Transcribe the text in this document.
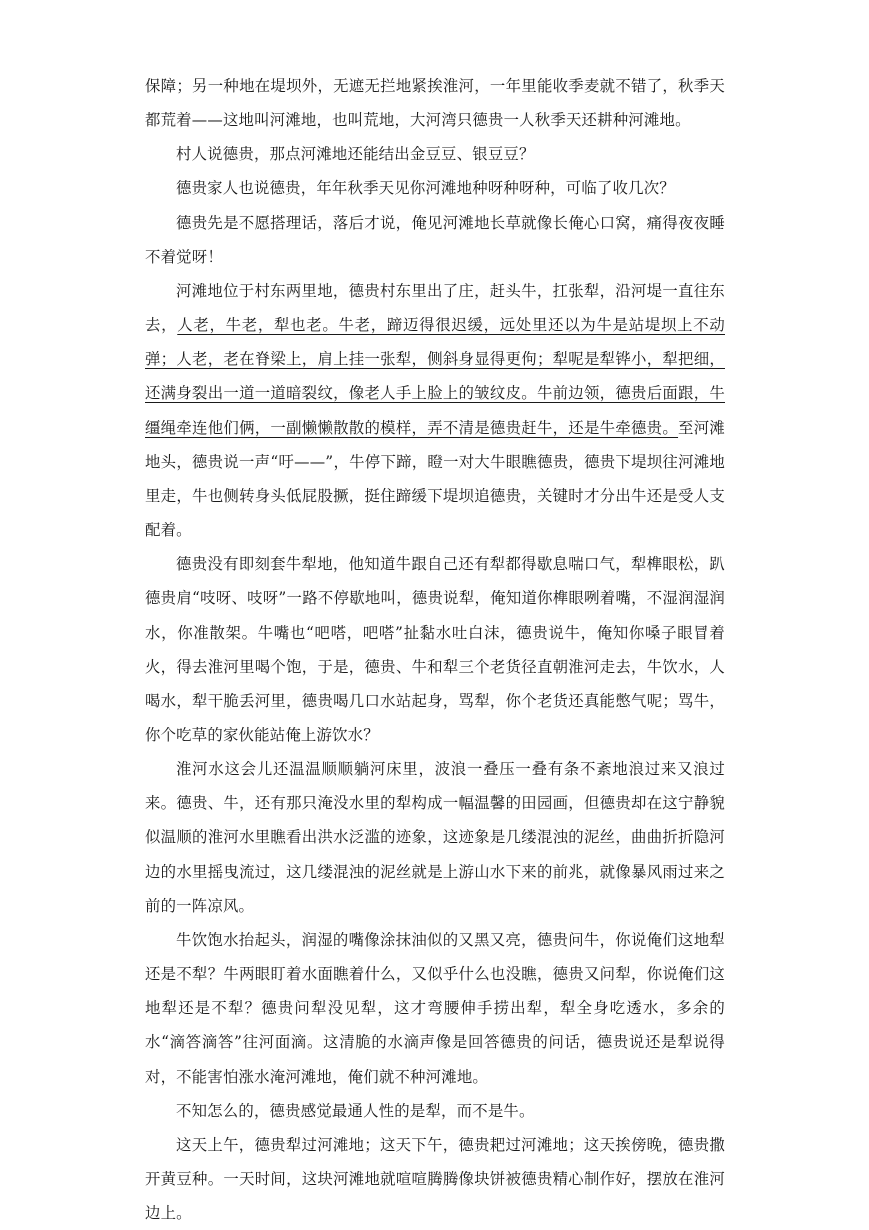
保障；另一种地在堤坝外，无遮无拦地紧挨淮河，一年里能收季麦就不错了，秋季天都荒着——这地叫河滩地，也叫荒地，大河湾只德贵一人秋季天还耕种河滩地。

村人说德贵，那点河滩地还能结出金豆豆、银豆豆？

德贵家人也说德贵，年年秋季天见你河滩地种呀种呀种，可临了收几次？

德贵先是不愿搭理话，落后才说，俺见河滩地长草就像长俺心口窝，痛得夜夜睡不着觉呀！

河滩地位于村东两里地，德贵村东里出了庄，赶头牛，扛张犁，沿河堤一直往东去，人老，牛老，犁也老。牛老，蹄迈得很迟缓，远处里还以为牛是站堤坝上不动弹；人老，老在脊梁上，肩上挂一张犁，侧斜身显得更佝；犁呢是犁铧小，犁把细，还满身裂出一道一道暗裂纹，像老人手上脸上的皱纹皮。牛前边领，德贵后面跟，牛缰绳牵连他们俩，一副懒懒散散的模样，弄不清是德贵赶牛，还是牛牵德贵。至河滩地头，德贵说一声“吁——”，牛停下蹄，瞪一对大牛眼瞧德贵，德贵下堤坝往河滩地里走，牛也侧转身头低屁股撅，挺住蹄缓下堤坝追德贵，关键时才分出牛还是受人支配着。

德贵没有即刻套牛犁地，他知道牛跟自己还有犁都得歇息喘口气，犁榫眼松，趴德贵肩“吱呀、吱呀”一路不停歇地叫，德贵说犁，俺知道你榫眼咧着嘴，不湿润湿润水，你准散架。牛嘴也“吧嗒，吧嗒”扯黏水吐白沫，德贵说牛，俺知你嗓子眼冒着火，得去淮河里喝个饱，于是，德贵、牛和犁三个老货径直朝淮河走去，牛饮水，人喝水，犁干脆丢河里，德贵喝几口水站起身，骂犁，你个老货还真能憋气呢；骂牛，你个吃草的家伙能站俺上游饮水？

淮河水这会儿还温温顺顺躺河床里，波浪一叠压一叠有条不紊地浪过来又浪过来。德贵、牛，还有那只淹没水里的犁构成一幅温馨的田园画，但德贵却在这宁静貌似温顺的淮河水里瞧看出洪水泛滥的迹象，这迹象是几缕混浊的泥丝，曲曲折折隐河边的水里摇曳流过，这几缕混浊的泥丝就是上游山水下来的前兆，就像暴风雨过来之前的一阵凉风。

牛饮饱水抬起头，润湿的嘴像涂抹油似的又黑又亮，德贵问牛，你说俺们这地犁还是不犁？牛两眼盯着水面瞧着什么，又似乎什么也没瞧，德贵又问犁，你说俺们这地犁还是不犁？德贵问犁没见犁，这才弯腰伸手捞出犁，犁全身吃透水，多余的水“滴答滴答”往河面滴。这清脆的水滴声像是回答德贵的问话，德贵说还是犁说得对，不能害怕涨水淹河滩地，俺们就不种河滩地。

不知怎么的，德贵感觉最通人性的是犁，而不是牛。

这天上午，德贵犁过河滩地；这天下午，德贵耙过河滩地；这天挨傍晚，德贵撒开黄豆种。一天时间，这块河滩地就喧喧腾腾像块饼被德贵精心制作好，摆放在淮河边上。
